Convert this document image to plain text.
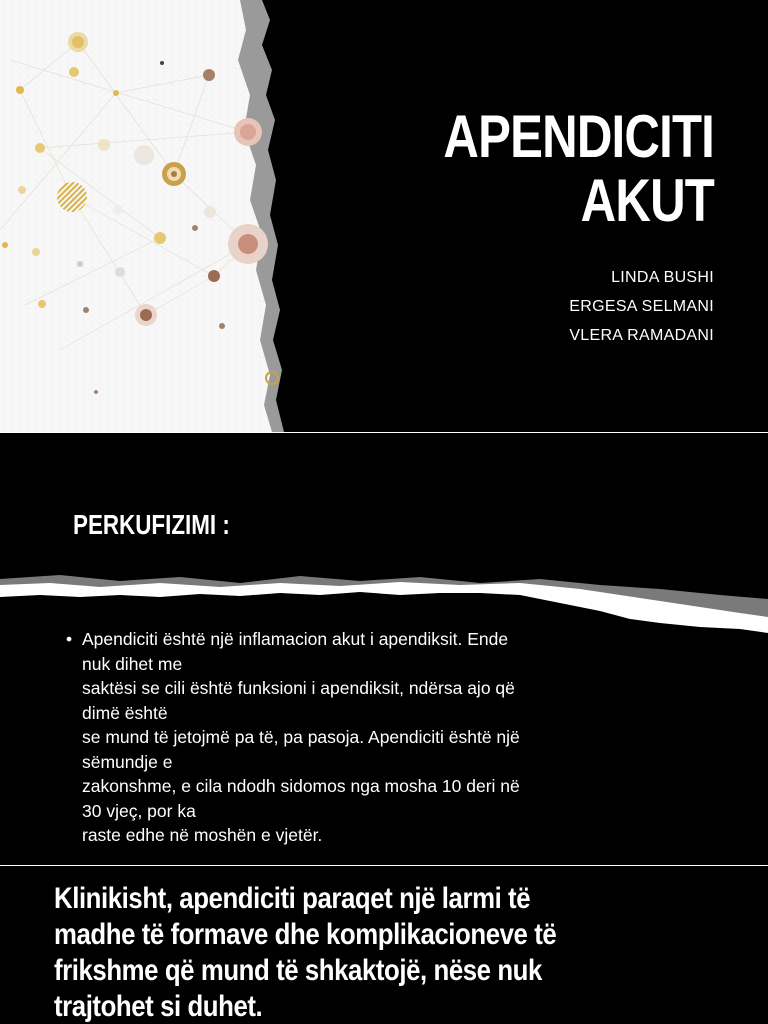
APENDICITI
AKUT
LINDA BUSHI
ERGESA SELMANI
VLERA RAMADANI
PERKUFIZIMI :
• Apendiciti është një inflamacion akut i apendiksit. Ende
nuk dihet me
saktësi se cili është funksioni i apendiksit, ndërsa ajo që
dimë është
se mund të jetojmë pa të, pa pasoja. Apendiciti është një
sëmundje e
zakonshme, e cila ndodh sidomos nga mosha 10 deri në
30 vjeç, por ka
raste edhe në moshën e vjetër.
Klinikisht, apendiciti paraqet një larmi të
madhe të formave dhe komplikacioneve të
frikshme që mund të shkaktojë, nëse nuk
trajtohet si duhet.
